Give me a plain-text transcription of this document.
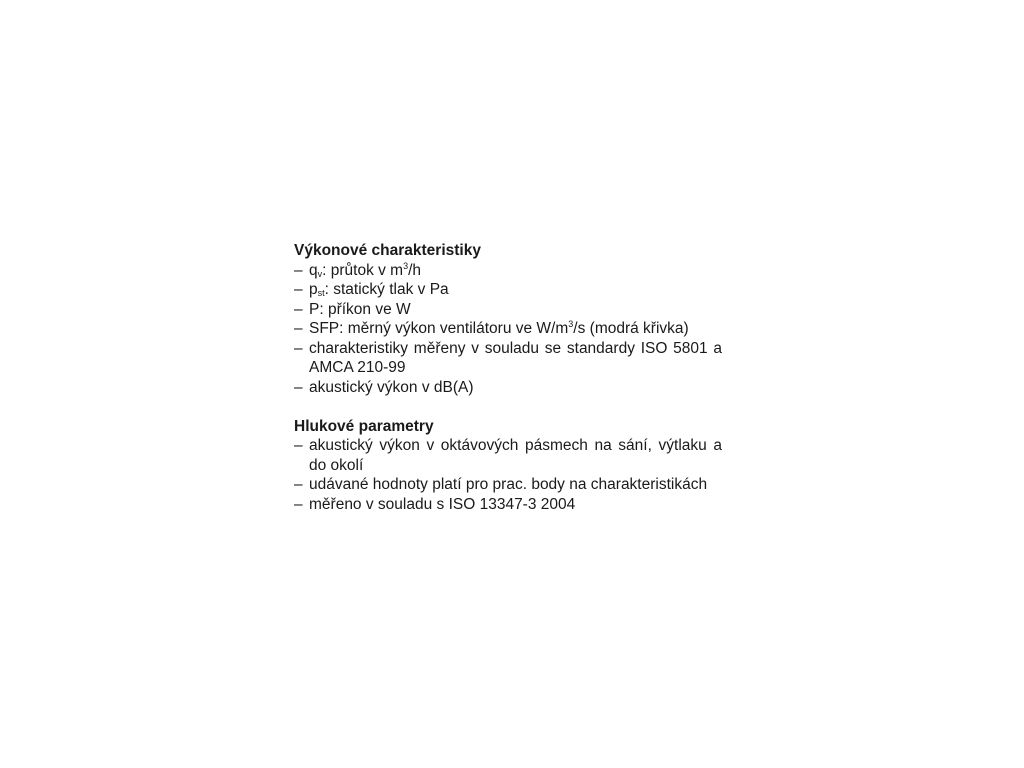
Výkonové charakteristiky

– $q_v$: průtok v $m^3/h$
– $p_{st}$: statický tlak v Pa
– P: příkon ve W
– SFP: měrný výkon ventilátoru ve $W/m^3/s$ (modrá křivka)
– charakteristiky měřeny v souladu se standardy ISO 5801 a AMCA 210-99
– akustický výkon v dB(A)

Hlukové parametry

– akustický výkon v oktávových pásmech na sání, výtlaku a do okolí
– udávané hodnoty platí pro prac. body na charakteristikách
– měřeno v souladu s ISO 13347-3 2004
